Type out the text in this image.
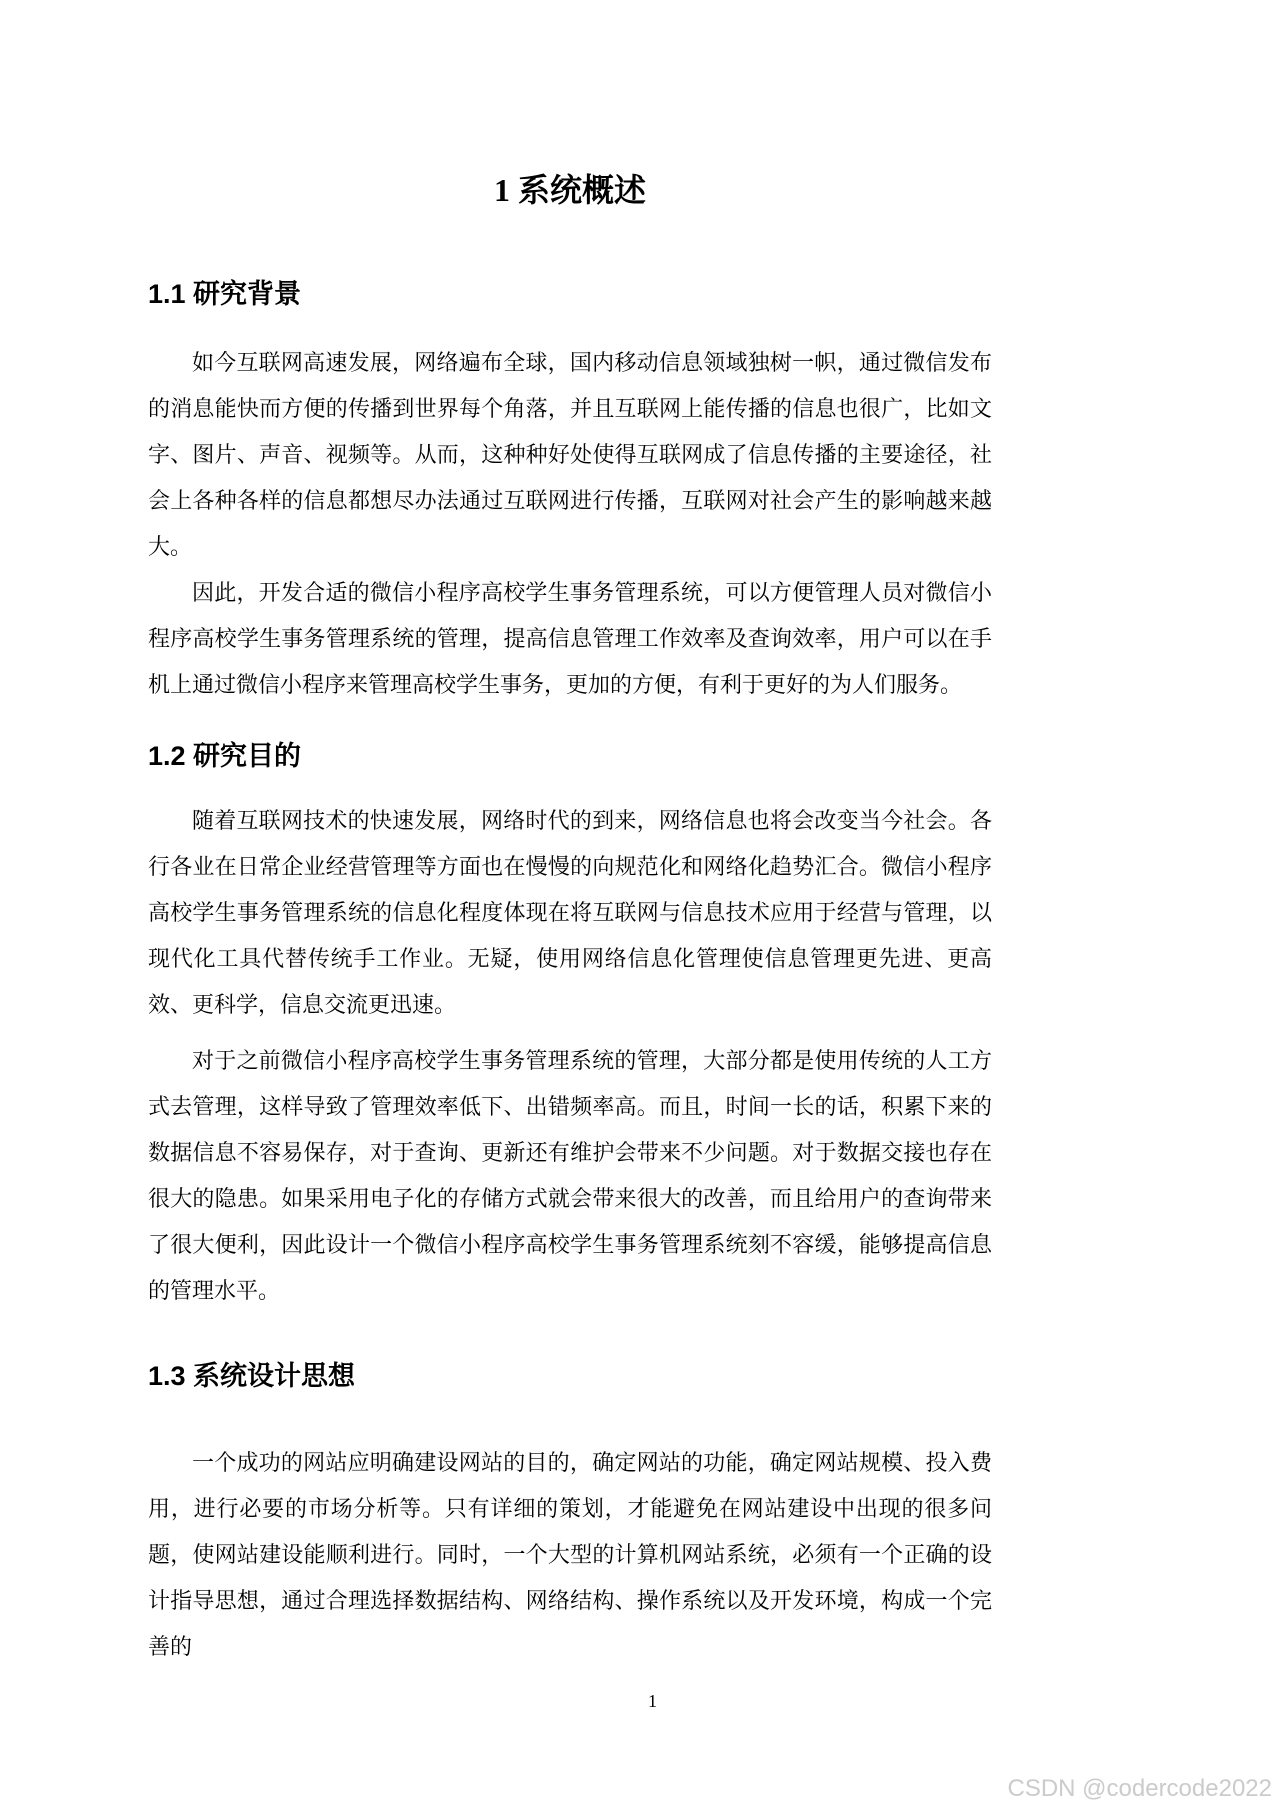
1 系统概述
1.1 研究背景

如今互联网高速发展，网络遍布全球，国内移动信息领域独树一帜，通过微信发布的消息能快而方便的传播到世界每个角落，并且互联网上能传播的信息也很广，比如文字、图片、声音、视频等。从而，这种种好处使得互联网成了信息传播的主要途径，社会上各种各样的信息都想尽办法通过互联网进行传播，互联网对社会产生的影响越来越大。

因此，开发合适的微信小程序高校学生事务管理系统，可以方便管理人员对微信小程序高校学生事务管理系统的管理，提高信息管理工作效率及查询效率，用户可以在手机上通过微信小程序来管理高校学生事务，更加的方便，有利于更好的为人们服务。

1.2 研究目的

随着互联网技术的快速发展，网络时代的到来，网络信息也将会改变当今社会。各行各业在日常企业经营管理等方面也在慢慢的向规范化和网络化趋势汇合。微信小程序高校学生事务管理系统的信息化程度体现在将互联网与信息技术应用于经营与管理，以现代化工具代替传统手工作业。无疑，使用网络信息化管理使信息管理更先进、更高效、更科学，信息交流更迅速。

对于之前微信小程序高校学生事务管理系统的管理，大部分都是使用传统的人工方式去管理，这样导致了管理效率低下、出错频率高。而且，时间一长的话，积累下来的数据信息不容易保存，对于查询、更新还有维护会带来不少问题。对于数据交接也存在很大的隐患。如果采用电子化的存储方式就会带来很大的改善，而且给用户的查询带来了很大便利，因此设计一个微信小程序高校学生事务管理系统刻不容缓，能够提高信息的管理水平。

1.3 系统设计思想

一个成功的网站应明确建设网站的目的，确定网站的功能，确定网站规模、投入费用，进行必要的市场分析等。只有详细的策划，才能避免在网站建设中出现的很多问题，使网站建设能顺利进行。同时，一个大型的计算机网站系统，必须有一个正确的设计指导思想，通过合理选择数据结构、网络结构、操作系统以及开发环境，构成一个完善的

1
CSDN @codercode2022
